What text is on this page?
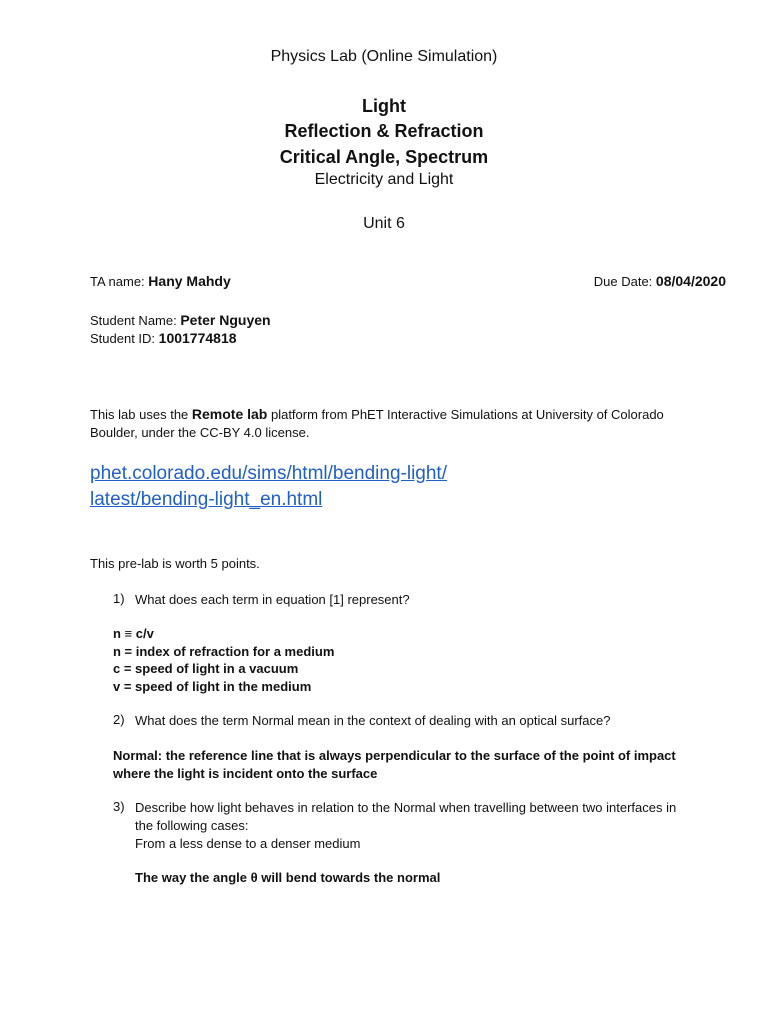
Physics Lab (Online Simulation)
Light
Reflection & Refraction
Critical Angle, Spectrum
Electricity and Light
Unit 6
TA name: Hany Mahdy	Due Date: 08/04/2020
Student Name: Peter Nguyen
Student ID: 1001774818
This lab uses the Remote lab platform from PhET Interactive Simulations at University of Colorado Boulder, under the CC-BY 4.0 license.
phet.colorado.edu/sims/html/bending-light/
latest/bending-light_en.html
This pre-lab is worth 5 points.
1) What does each term in equation [1] represent?
n ≡ c/v
n = index of refraction for a medium
c = speed of light in a vacuum
v = speed of light in the medium
2) What does the term Normal mean in the context of dealing with an optical surface?
Normal: the reference line that is always perpendicular to the surface of the point of impact where the light is incident onto the surface
3) Describe how light behaves in relation to the Normal when travelling between two interfaces in the following cases:
From a less dense to a denser medium
The way the angle θ will bend towards the normal
